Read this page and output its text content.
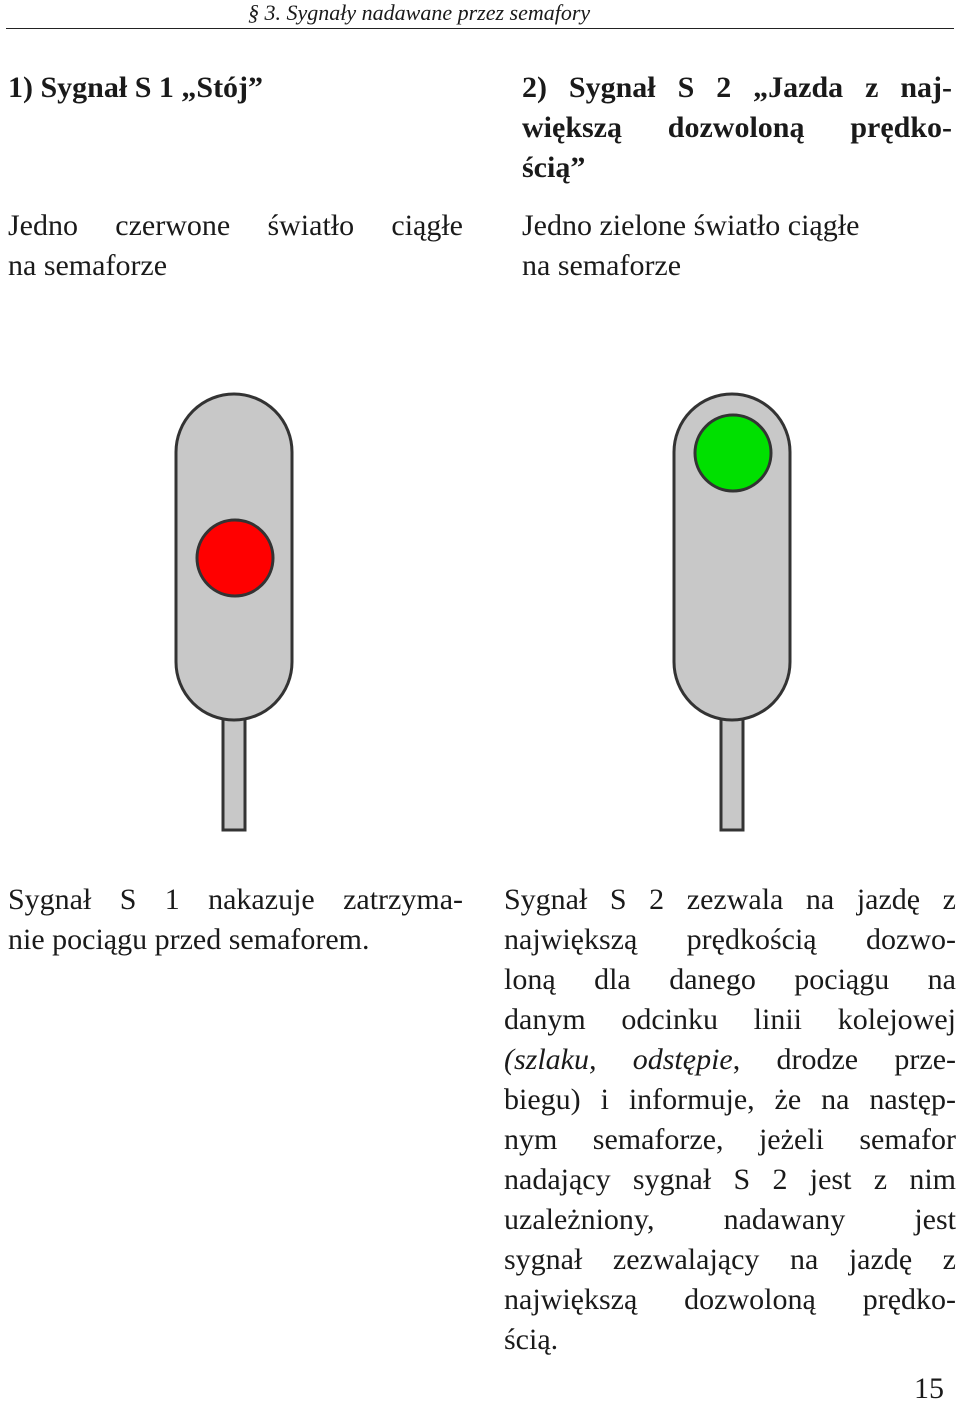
§ 3. Sygnały nadawane przez semafory
1) Sygnał S 1 „Stój”
Jedno czerwone światło ciągłe
na semaforze
2) Sygnał S 2 „Jazda z naj-
większą dozwoloną prędko-
ścią”
Jedno zielone światło ciągłe
na semaforze
Sygnał S 1 nakazuje zatrzyma-
nie pociągu przed semaforem.
Sygnał S 2 zezwala na jazdę z
największą prędkością dozwo-
loną dla danego pociągu na
danym odcinku linii kolejowej
(szlaku, odstępie, drodze prze-
biegu) i informuje, że na następ-
nym semaforze, jeżeli semafor
nadający sygnał S 2 jest z nim
uzależniony, nadawany jest
sygnał zezwalający na jazdę z
największą dozwoloną prędko-
ścią.
15
